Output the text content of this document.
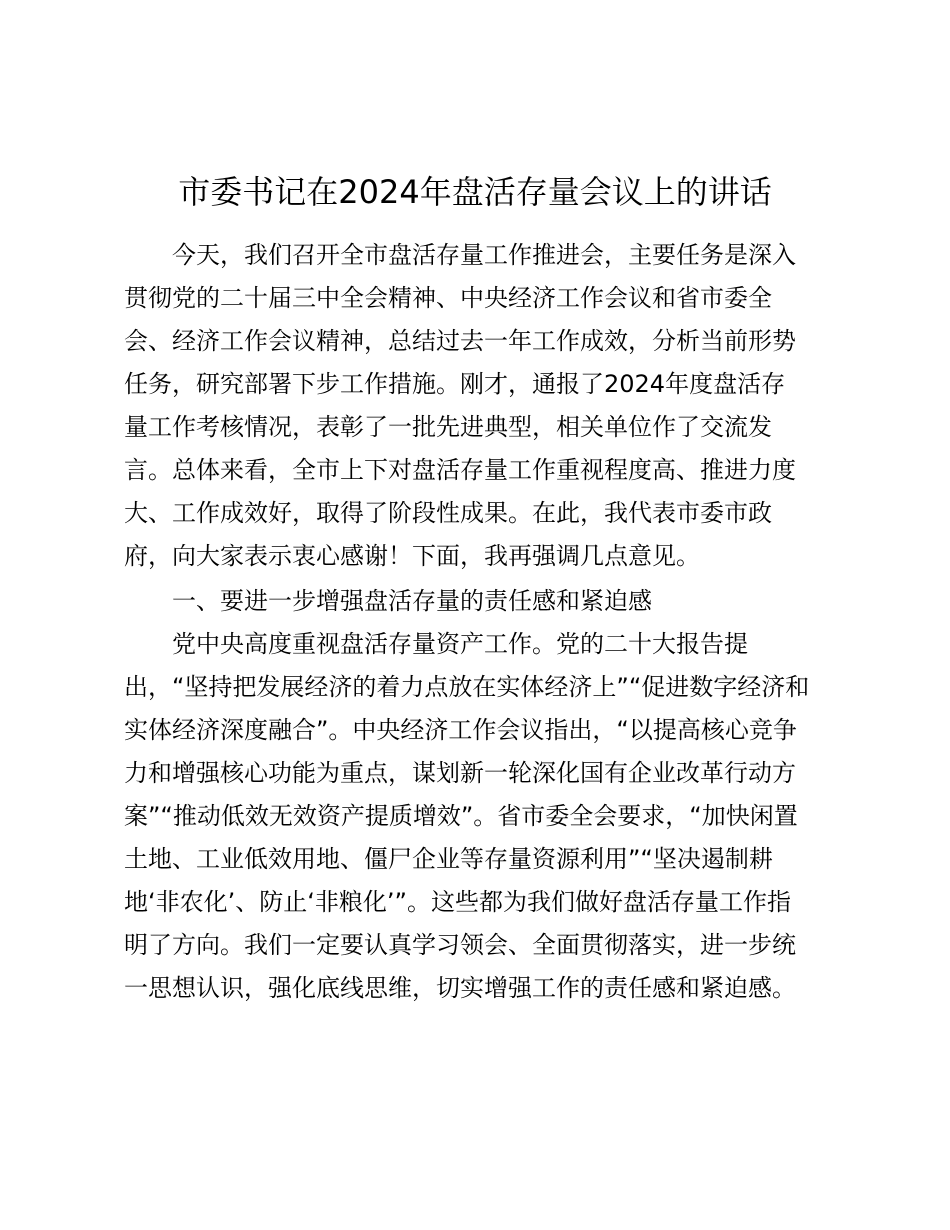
市委书记在2024年盘活存量会议上的讲话
今天，我们召开全市盘活存量工作推进会，主要任务是深入
贯彻党的二十届三中全会精神、中央经济工作会议和省市委全
会、经济工作会议精神，总结过去一年工作成效，分析当前形势
任务，研究部署下步工作措施。刚才，通报了2024年度盘活存
量工作考核情况，表彰了一批先进典型，相关单位作了交流发
言。总体来看，全市上下对盘活存量工作重视程度高、推进力度
大、工作成效好，取得了阶段性成果。在此，我代表市委市政
府，向大家表示衷心感谢！下面，我再强调几点意见。
一、要进一步增强盘活存量的责任感和紧迫感
党中央高度重视盘活存量资产工作。党的二十大报告提
出，“坚持把发展经济的着力点放在实体经济上”“促进数字经济和
实体经济深度融合”。中央经济工作会议指出，“以提高核心竞争
力和增强核心功能为重点，谋划新一轮深化国有企业改革行动方
案”“推动低效无效资产提质增效”。省市委全会要求，“加快闲置
土地、工业低效用地、僵尸企业等存量资源利用”“坚决遏制耕
地‘非农化’、防止‘非粮化’”。这些都为我们做好盘活存量工作指
明了方向。我们一定要认真学习领会、全面贯彻落实，进一步统
一思想认识，强化底线思维，切实增强工作的责任感和紧迫感。
